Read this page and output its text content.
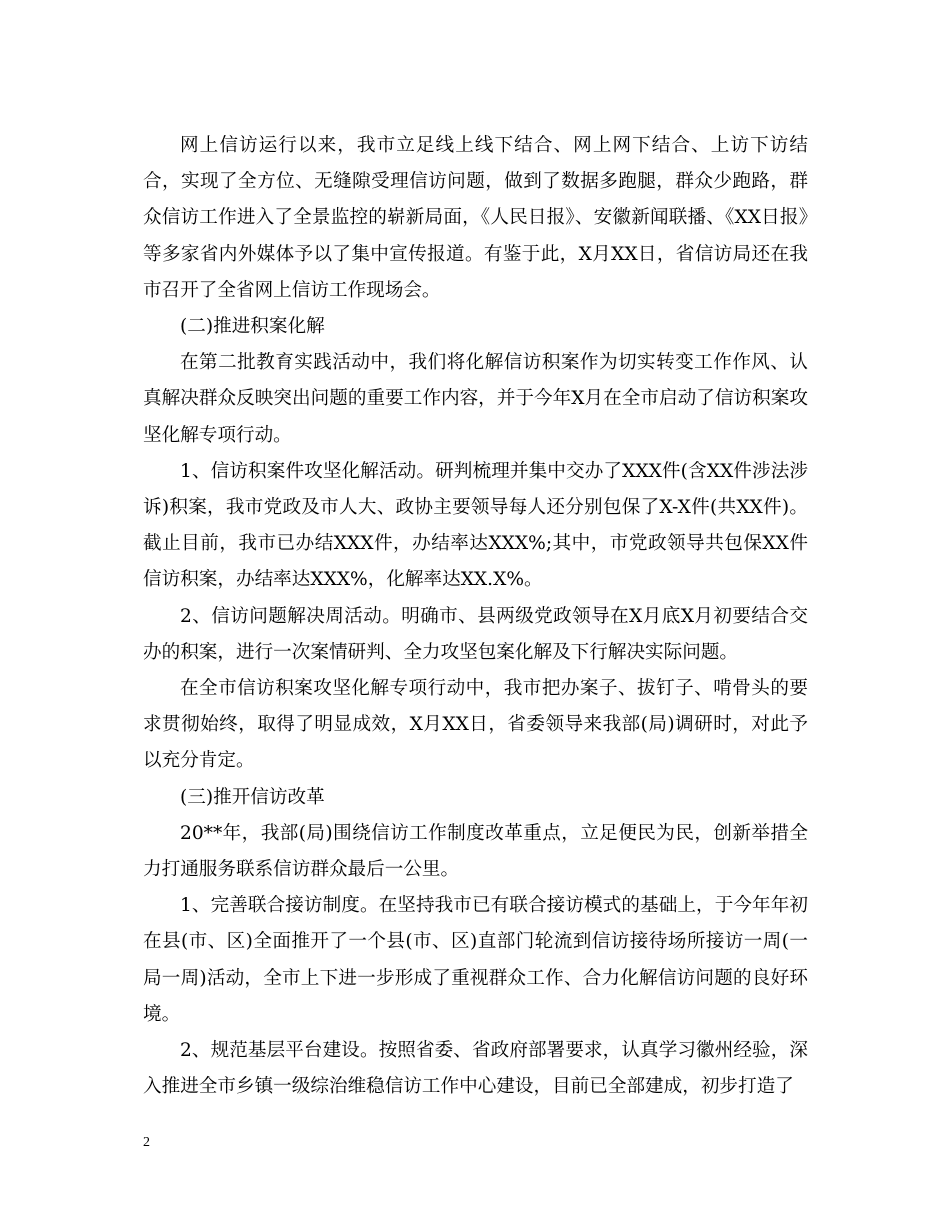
网上信访运行以来，我市立足线上线下结合、网上网下结合、上访下访结合，实现了全方位、无缝隙受理信访问题，做到了数据多跑腿，群众少跑路，群众信访工作进入了全景监控的崭新局面，《人民日报》、安徽新闻联播、《XX日报》等多家省内外媒体予以了集中宣传报道。有鉴于此，X月XX日，省信访局还在我市召开了全省网上信访工作现场会。

(二)推进积案化解

在第二批教育实践活动中，我们将化解信访积案作为切实转变工作作风、认真解决群众反映突出问题的重要工作内容，并于今年X月在全市启动了信访积案攻坚化解专项行动。

1、信访积案件攻坚化解活动。研判梳理并集中交办了XXX件(含XX件涉法涉诉)积案，我市党政及市人大、政协主要领导每人还分别包保了X-X件(共XX件)。截止目前，我市已办结XXX件，办结率达XXX%;其中，市党政领导共包保XX件信访积案，办结率达XXX%，化解率达XX.X%。

2、信访问题解决周活动。明确市、县两级党政领导在X月底X月初要结合交办的积案，进行一次案情研判、全力攻坚包案化解及下行解决实际问题。

在全市信访积案攻坚化解专项行动中，我市把办案子、拔钉子、啃骨头的要求贯彻始终，取得了明显成效，X月XX日，省委领导来我部(局)调研时，对此予以充分肯定。

(三)推开信访改革

20**年，我部(局)围绕信访工作制度改革重点，立足便民为民，创新举措全力打通服务联系信访群众最后一公里。

1、完善联合接访制度。在坚持我市已有联合接访模式的基础上，于今年年初在县(市、区)全面推开了一个县(市、区)直部门轮流到信访接待场所接访一周(一局一周)活动，全市上下进一步形成了重视群众工作、合力化解信访问题的良好环境。

2、规范基层平台建设。按照省委、省政府部署要求，认真学习徽州经验，深入推进全市乡镇一级综治维稳信访工作中心建设，目前已全部建成，初步打造了

2
